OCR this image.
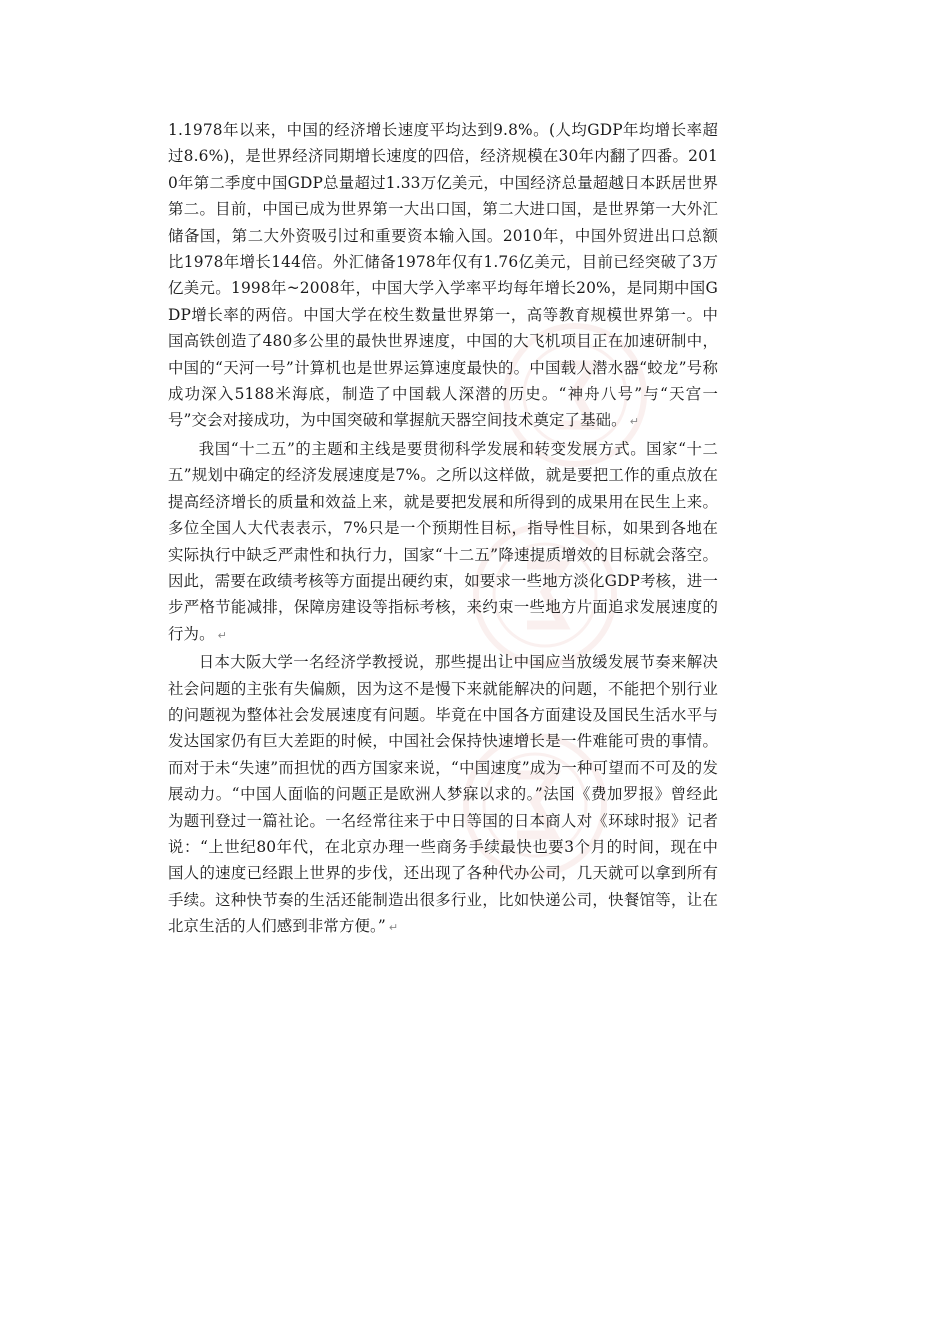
1.1978年以来，中国的经济增长速度平均达到9.8%。(人均GDP年均增长率超过8.6%)，是世界经济同期增长速度的四倍，经济规模在30年内翻了四番。2010年第二季度中国GDP总量超过1.33万亿美元，中国经济总量超越日本跃居世界第二。目前，中国已成为世界第一大出口国，第二大进口国，是世界第一大外汇储备国，第二大外资吸引过和重要资本输入国。2010年，中国外贸进出口总额比1978年增长144倍。外汇储备1978年仅有1.76亿美元，目前已经突破了3万亿美元。1998年~2008年，中国大学入学率平均每年增长20%，是同期中国GDP增长率的两倍。中国大学在校生数量世界第一，高等教育规模世界第一。中国高铁创造了480多公里的最快世界速度，中国的大飞机项目正在加速研制中，中国的“天河一号”计算机也是世界运算速度最快的。中国载人潜水器“蛟龙”号称成功深入5188米海底，制造了中国载人深潜的历史。“神舟八号”与“天宫一号”交会对接成功，为中国突破和掌握航天器空间技术奠定了基础。 ↵

我国“十二五”的主题和主线是要贯彻科学发展和转变发展方式。国家“十二五”规划中确定的经济发展速度是7%。之所以这样做，就是要把工作的重点放在提高经济增长的质量和效益上来，就是要把发展和所得到的成果用在民生上来。多位全国人大代表表示，7%只是一个预期性目标，指导性目标，如果到各地在实际执行中缺乏严肃性和执行力，国家“十二五”降速提质增效的目标就会落空。因此，需要在政绩考核等方面提出硬约束，如要求一些地方淡化GDP考核，进一步严格节能减排，保障房建设等指标考核，来约束一些地方片面追求发展速度的行为。 ↵

日本大阪大学一名经济学教授说，那些提出让中国应当放缓发展节奏来解决社会问题的主张有失偏颇，因为这不是慢下来就能解决的问题，不能把个别行业的问题视为整体社会发展速度有问题。毕竟在中国各方面建设及国民生活水平与发达国家仍有巨大差距的时候，中国社会保持快速增长是一件难能可贵的事情。而对于未“失速”而担忧的西方国家来说，“中国速度”成为一种可望而不可及的发展动力。“中国人面临的问题正是欧洲人梦寐以求的。”法国《费加罗报》曾经此为题刊登过一篇社论。一名经常往来于中日等国的日本商人对《环球时报》记者说：“上世纪80年代，在北京办理一些商务手续最快也要3个月的时间，现在中国人的速度已经跟上世界的步伐，还出现了各种代办公司，几天就可以拿到所有手续。这种快节奏的生活还能制造出很多行业，比如快递公司，快餐馆等，让在北京生活的人们感到非常方便。” ↵
